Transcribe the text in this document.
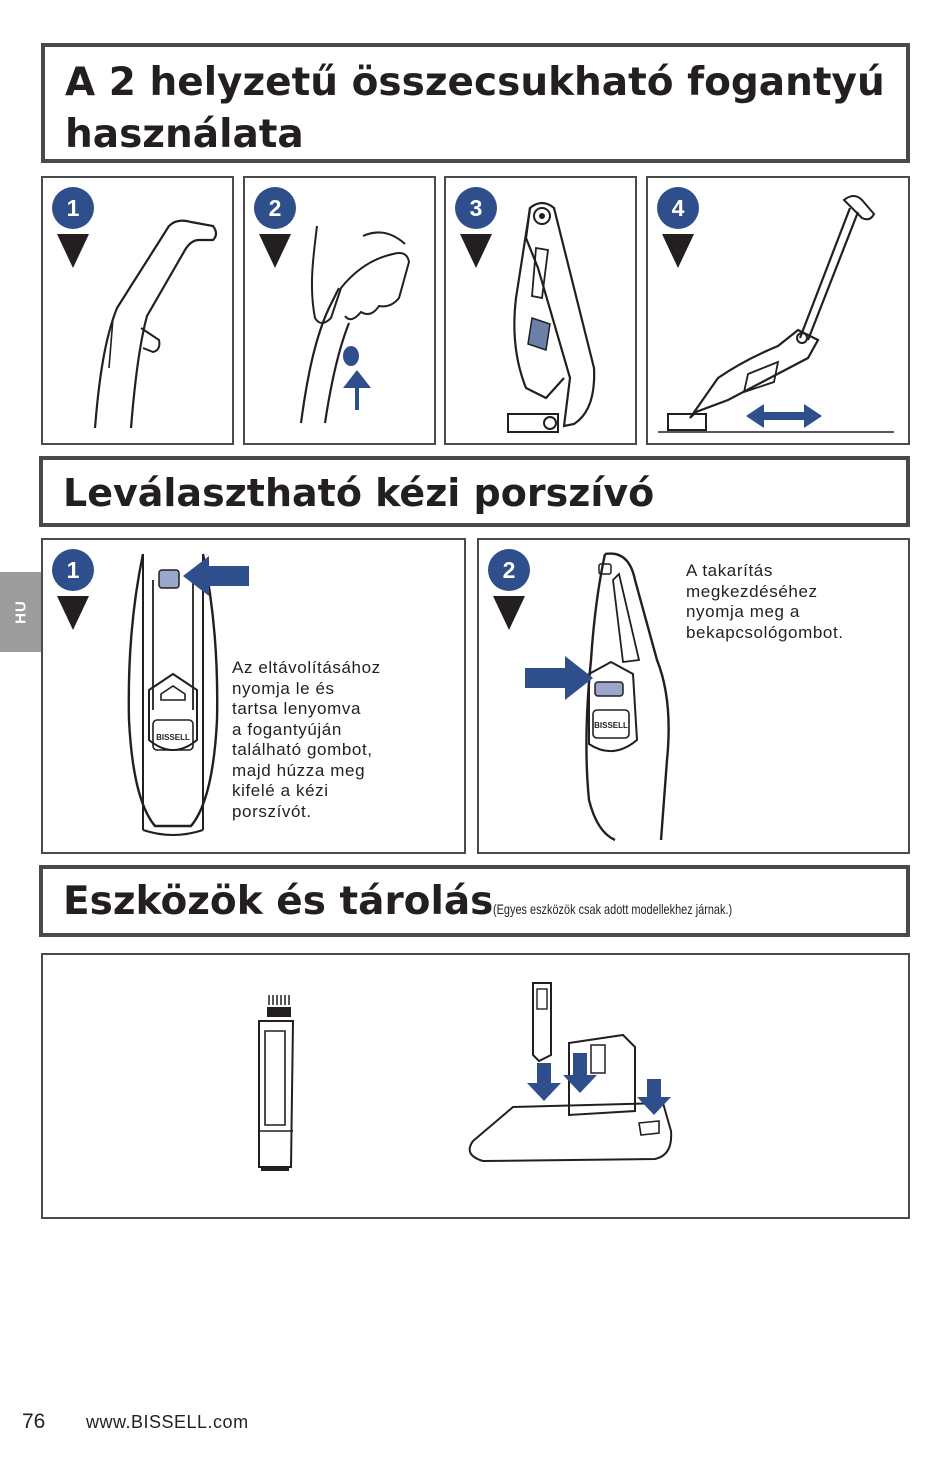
A 2 helyzetű összecsukható fogantyú
használata
1	2	3	4
Leválasztható kézi porszívó
HU
1
BISSELL

Az eltávolításához
nyomja le és
tartsa lenyomva
a fogantyúján
található gombot,
majd húzza meg
kifelé a kézi
porszívót.

2
BISSELL

A takarítás
megkezdéséhez
nyomja meg a
bekapcsológombot.

Eszközök és tárolás (Egyes eszközök csak adott modellekhez járnak.)
76 www.BISSELL.com
